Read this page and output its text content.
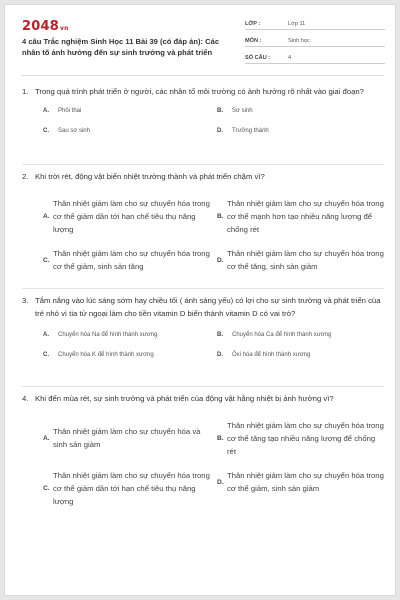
2048vn
4 câu Trắc nghiệm Sinh Học 11 Bài 39 (có đáp án): Các nhân tố ảnh hưởng đến sự sinh trưởng và phát triển
LỚP :	Lớp 11
MÔN :	Sinh học
SỐ CÂU :	4
1. Trong quá trình phát triển ở người, các nhân tố môi trường có ảnh hưởng rõ nhất vào giai đoạn?
A.	Phôi thai	B.	Sơ sinh
C.	Sau sơ sinh	D.	Trưởng thành
2. Khi trời rét, động vật biến nhiệt trưởng thành và phát triển chậm vì?
A.
Thân nhiệt giảm làm cho sự chuyển hóa trong cơ thể giảm dần tới hạn chế tiêu thụ năng lượng
B.
Thân nhiệt giảm làm cho sự chuyển hóa trong cơ thể mạnh hơn tạo nhiều năng lượng để chống rét
C.
Thân nhiệt giảm làm cho sự chuyển hóa trong cơ thể giảm, sinh sản tăng
D.
Thân nhiệt giảm làm cho sự chuyển hóa trong cơ thể tăng, sinh sản giảm
3. Tắm nắng vào lúc sáng sớm hay chiều tối ( ánh sáng yếu) có lợi cho sự sinh trưởng và phát triển của trẻ nhỏ vì tia tử ngoại làm cho tiền vitamin D biến thành vitamin D có vai trò?
A.	Chuyển hóa Na để hình thành xương	B.	Chuyển hóa Ca để hình thành xương
C.	Chuyển hóa K để hình thành xương	D.	Ôxi hóa để hình thành xương
4. Khi đến mùa rét, sự sinh trưởng và phát triển của động vật hằng nhiệt bị ảnh hưởng vì?
A.
Thân nhiệt giảm làm cho sự chuyển hóa và sinh sản giảm
B.
Thân nhiệt giảm làm cho sự chuyển hóa trong cơ thể tăng tạo nhiều năng lượng để chống rét
C.
Thân nhiệt giảm làm cho sự chuyển hóa trong cơ thể giảm dần tới hạn chế tiêu thụ năng lượng
D.
Thân nhiệt giảm làm cho sự chuyển hóa trong cơ thể giảm, sinh sản giảm
